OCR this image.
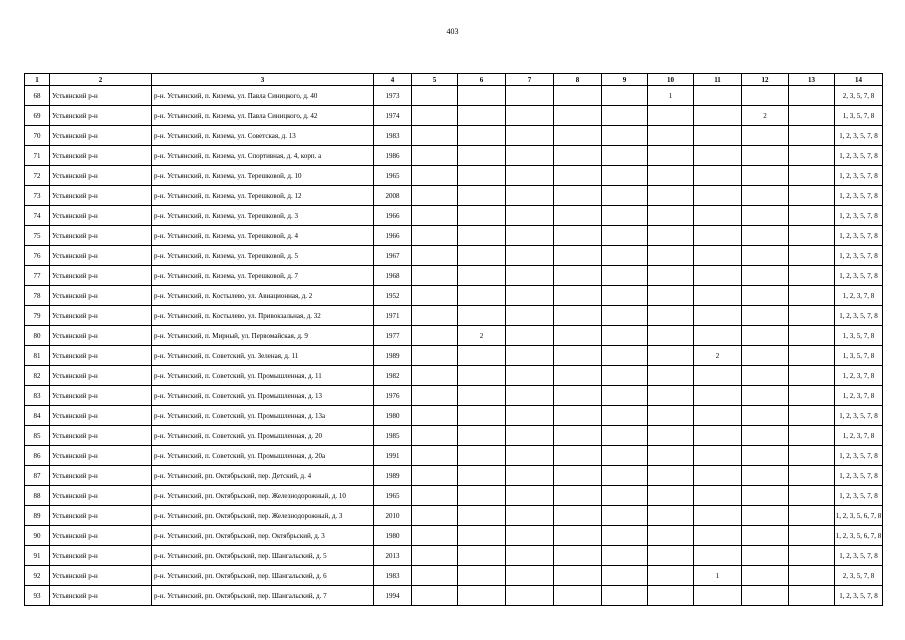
403
1	2	3	4	5	6	7	8	9	10	11	12	13	14
68	Устьянский р-н	р-н. Устьянский, п. Кизема, ул. Павла Синицкого, д. 40	1973						1				2, 3, 5, 7, 8
69	Устьянский р-н	р-н. Устьянский, п. Кизема, ул. Павла Синицкого, д. 42	1974								2		1, 3, 5, 7, 8
70	Устьянский р-н	р-н. Устьянский, п. Кизема, ул. Советская, д. 13	1983										1, 2, 3, 5, 7, 8
71	Устьянский р-н	р-н. Устьянский, п. Кизема, ул. Спортивная, д. 4, корп. а	1986										1, 2, 3, 5, 7, 8
72	Устьянский р-н	р-н. Устьянский, п. Кизема, ул. Терешковой, д. 10	1965										1, 2, 3, 5, 7, 8
73	Устьянский р-н	р-н. Устьянский, п. Кизема, ул. Терешковой, д. 12	2008										1, 2, 3, 5, 7, 8
74	Устьянский р-н	р-н. Устьянский, п. Кизема, ул. Терешковой, д. 3	1966										1, 2, 3, 5, 7, 8
75	Устьянский р-н	р-н. Устьянский, п. Кизема, ул. Терешковой, д. 4	1966										1, 2, 3, 5, 7, 8
76	Устьянский р-н	р-н. Устьянский, п. Кизема, ул. Терешковой, д. 5	1967										1, 2, 3, 5, 7, 8
77	Устьянский р-н	р-н. Устьянский, п. Кизема, ул. Терешковой, д. 7	1968										1, 2, 3, 5, 7, 8
78	Устьянский р-н	р-н. Устьянский, п. Костылево, ул. Авиационная, д. 2	1952										1, 2, 3, 7, 8
79	Устьянский р-н	р-н. Устьянский, п. Костылево, ул. Привокзальная, д. 32	1971										1, 2, 3, 5, 7, 8
80	Устьянский р-н	р-н. Устьянский, п. Мирный, ул. Первомайская, д. 9	1977		2								1, 3, 5, 7, 8
81	Устьянский р-н	р-н. Устьянский, п. Советский, ул. Зеленая, д. 11	1989							2			1, 3, 5, 7, 8
82	Устьянский р-н	р-н. Устьянский, п. Советский, ул. Промышленная, д. 11	1982										1, 2, 3, 7, 8
83	Устьянский р-н	р-н. Устьянский, п. Советский, ул. Промышленная, д. 13	1976										1, 2, 3, 7, 8
84	Устьянский р-н	р-н. Устьянский, п. Советский, ул. Промышленная, д. 13а	1980										1, 2, 3, 5, 7, 8
85	Устьянский р-н	р-н. Устьянский, п. Советский, ул. Промышленная, д. 20	1985										1, 2, 3, 7, 8
86	Устьянский р-н	р-н. Устьянский, п. Советский, ул. Промышленная, д. 20а	1991										1, 2, 3, 5, 7, 8
87	Устьянский р-н	р-н. Устьянский, рп. Октябрьский, пер. Детский, д. 4	1989										1, 2, 3, 5, 7, 8
88	Устьянский р-н	р-н. Устьянский, рп. Октябрьский, пер. Железнодорожный, д. 10	1965										1, 2, 3, 5, 7, 8
89	Устьянский р-н	р-н. Устьянский, рп. Октябрьский, пер. Железнодорожный, д. 3	2010										1, 2, 3, 5, 6, 7, 8
90	Устьянский р-н	р-н. Устьянский, рп. Октябрьский, пер. Октябрьский, д. 3	1980										1, 2, 3, 5, 6, 7, 8
91	Устьянский р-н	р-н. Устьянский, рп. Октябрьский, пер. Шангальский, д. 5	2013										1, 2, 3, 5, 7, 8
92	Устьянский р-н	р-н. Устьянский, рп. Октябрьский, пер. Шангальский, д. 6	1983							1			2, 3, 5, 7, 8
93	Устьянский р-н	р-н. Устьянский, рп. Октябрьский, пер. Шангальский, д. 7	1994										1, 2, 3, 5, 7, 8
